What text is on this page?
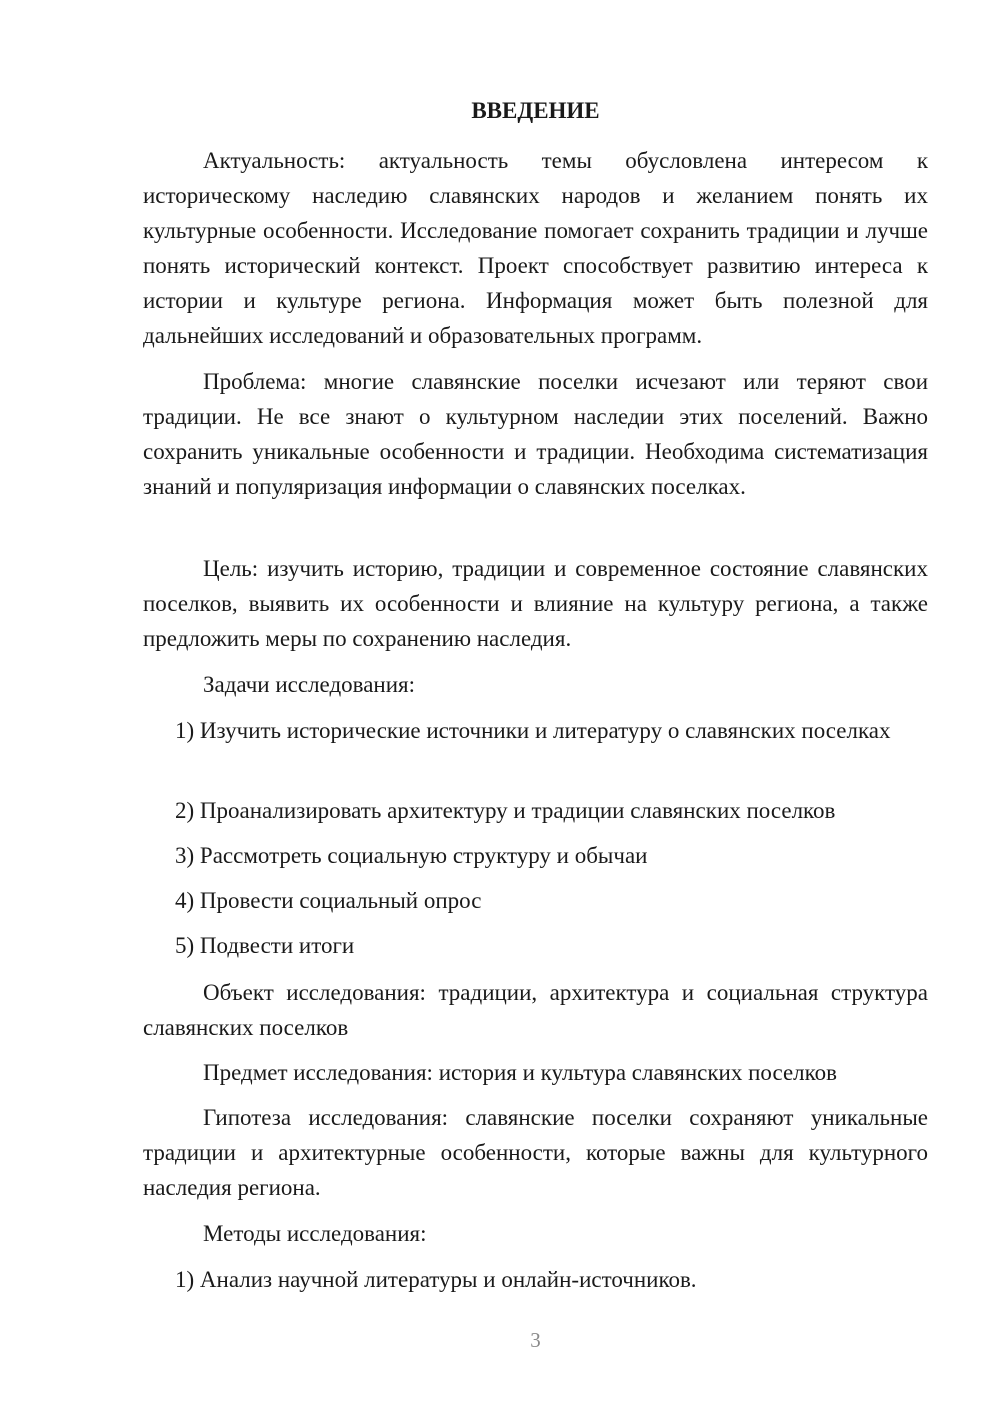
ВВЕДЕНИЕ

Актуальность: актуальность темы обусловлена интересом к историческому наследию славянских народов и желанием понять их культурные особенности. Исследование помогает сохранить традиции и лучше понять исторический контекст. Проект способствует развитию интереса к истории и культуре региона. Информация может быть полезной для дальнейших исследований и образовательных программ.

Проблема: многие славянские поселки исчезают или теряют свои традиции. Не все знают о культурном наследии этих поселений. Важно сохранить уникальные особенности и традиции. Необходима систематизация знаний и популяризация информации о славянских поселках.

Цель: изучить историю, традиции и современное состояние славянских поселков, выявить их особенности и влияние на культуру региона, а также предложить меры по сохранению наследия.

Задачи исследования:

1) Изучить исторические источники и литературу о славянских поселках

2) Проанализировать архитектуру и традиции славянских поселков

3) Рассмотреть социальную структуру и обычаи

4) Провести социальный опрос

5) Подвести итоги

Объект исследования: традиции, архитектура и социальная структура славянских поселков

Предмет исследования: история и культура славянских поселков

Гипотеза исследования: славянские поселки сохраняют уникальные традиции и архитектурные особенности, которые важны для культурного наследия региона.

Методы исследования:

1) Анализ научной литературы и онлайн-источников.

3
